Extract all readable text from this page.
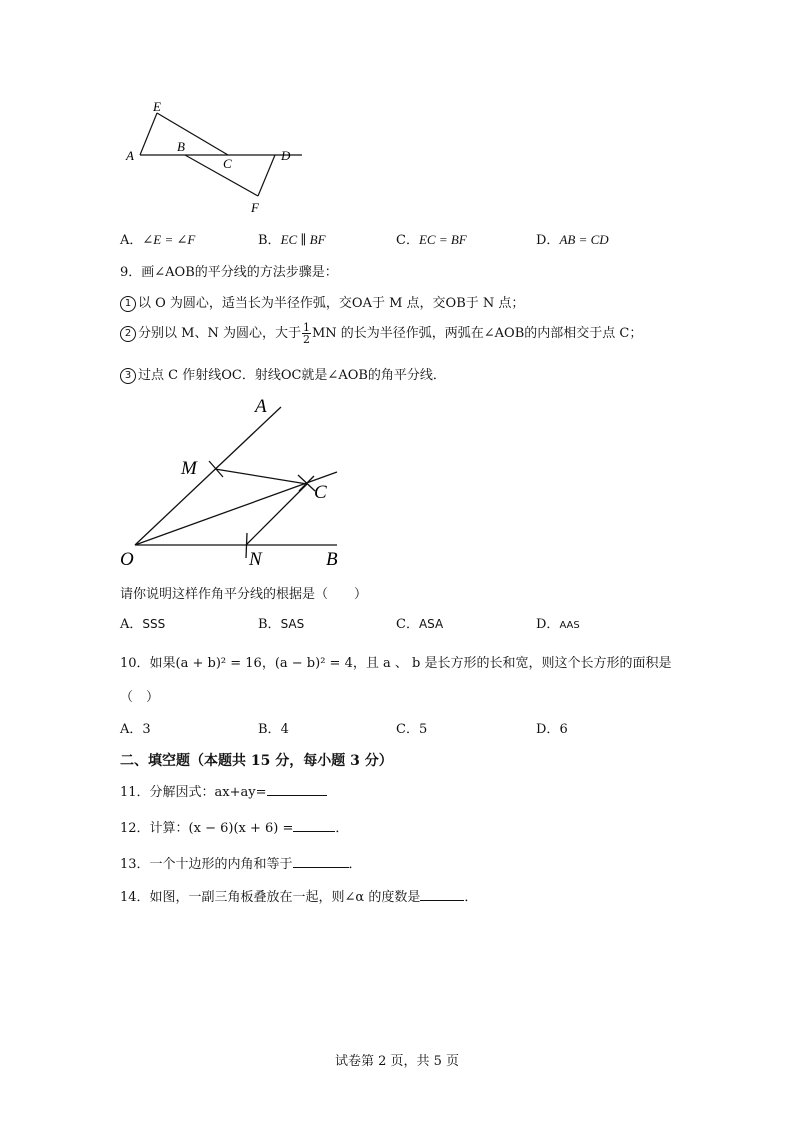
E
A
B
C
D
F
A．∠E = ∠F	B．EC ∥ BF	C．EC = BF	D．AB = CD
9．画∠AOB的平分线的方法步骤是：
1 以 O 为圆心，适当长为半径作弧，交OA于 M 点，交OB于 N 点；
2 分别以 M、N 为圆心，大于 $\frac{1}{2}$ MN 的长为半径作弧，两弧在∠AOB的内部相交于点 C；
3 过点 C 作射线OC．射线OC就是∠AOB的角平分线．
A
M
C
O	N	B
请你说明这样作角平分线的根据是（　　）
A．SSS	B．SAS	C．ASA	D．AAS
10．如果(a + b)² = 16，(a − b)² = 4，且 a 、 b 是长方形的长和宽，则这个长方形的面积是
（　）
A．3	B．4	C．5	D．6
二、填空题（本题共 15 分，每小题 3 分）
11．分解因式：ax+ay=
12．计算：(x − 6)(x + 6) =	．
13．一个十边形的内角和等于	．
14．如图，一副三角板叠放在一起，则∠α 的度数是	．
试卷第 2 页，共 5 页
